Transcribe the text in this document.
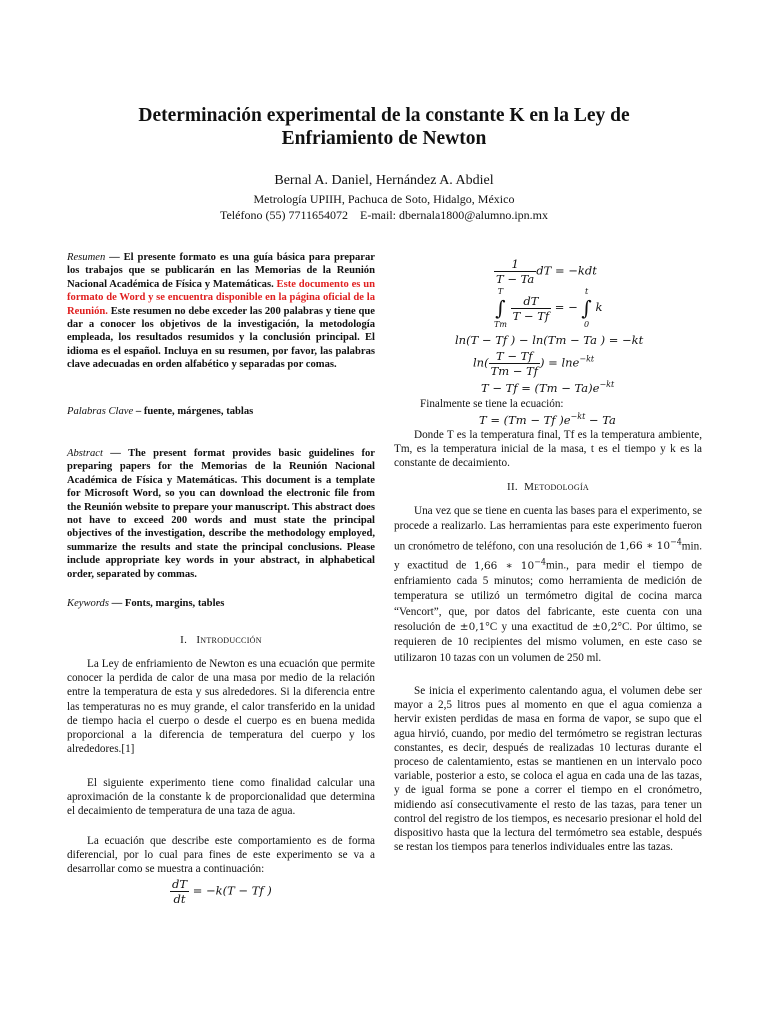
Determinación experimental de la constante K en la Ley de Enfriamiento de Newton
Bernal A. Daniel, Hernández A. Abdiel
Metrología UPIIH, Pachuca de Soto, Hidalgo, México
Teléfono (55) 7711654072    E-mail: dbernala1800@alumno.ipn.mx
Resumen — El presente formato es una guía básica para preparar los trabajos que se publicarán en las Memorias de la Reunión Nacional Académica de Física y Matemáticas. Este documento es un formato de Word y se encuentra disponible en la página oficial de la Reunión. Este resumen no debe exceder las 200 palabras y tiene que dar a conocer los objetivos de la investigación, la metodología empleada, los resultados resumidos y la conclusión principal. El idioma es el español. Incluya en su resumen, por favor, las palabras clave adecuadas en orden alfabético y separadas por comas.
Palabras Clave – fuente, márgenes, tablas
Abstract — The present format provides basic guidelines for preparing papers for the Memorias de la Reunión Nacional Académica de Física y Matemáticas. This document is a template for Microsoft Word, so you can download the electronic file from the Reunión website to prepare your manuscript. This abstract does not have to exceed 200 words and must state the principal objectives of the investigation, describe the methodology employed, summarize the results and state the principal conclusions. Please include appropriate key words in your abstract, in alphabetical order, separated by commas.
Keywords — Fonts, margins, tables
I. Introducción

La Ley de enfriamiento de Newton es una ecuación que permite conocer la perdida de calor de una masa por medio de la relación entre la temperatura de esta y sus alrededores. Si la diferencia entre las temperaturas no es muy grande, el calor transferido en la unidad de tiempo hacia el cuerpo o desde el cuerpo es en buena medida proporcional a la diferencia de temperatura del cuerpo y los alrededores.[1]

El siguiente experimento tiene como finalidad calcular una aproximación de la constante k de proporcionalidad que determina el decaimiento de temperatura de una taza de agua.

La ecuación que describe este comportamiento es de forma diferencial, por lo cual para fines de este experimento se va a desarrollar como se muestra a continuación:

$\frac{dT}{dt} = -k(T - Tf$ )
$\frac{1}{T - Ta}$ dT = −kdt
T
∫
Tm

$\frac{dT}{T - Tf}$ = −
t
∫
0
k
ln(T − Tf ) − ln(Tm − Ta ) = −kt
$\ln( \frac{T - Tf}{Tm - Tf}$ ) = lne$^{-kt}$
$T - Tf = (Tm - Ta)e^{-kt}$
Finalmente se tiene la ecuación:
T = (Tm − Tf )$e^{-kt} - Ta$

Donde T es la temperatura final, Tf es la temperatura ambiente, Tm, es la temperatura inicial de la masa, t es el tiempo y k es la constante de decaimiento.

II. Metodología

Una vez que se tiene en cuenta las bases para el experimento, se procede a realizarlo. Las herramientas para este experimento fueron un cronómetro de teléfono, con una resolución de 1,66 ∗ $10^{-4}\min$. y exactitud de 1,66 ∗ $10^{-4}\min$., para medir el tiempo de enfriamiento cada 5 minutos; como herramienta de medición de temperatura se utilizó un termómetro digital de cocina marca “Vencort”, que, por datos del fabricante, este cuenta con una resolución de ±0,1°C y una exactitud de ±0,2°C. Por último, se requieren de 10 recipientes del mismo volumen, en este caso se utilizaron 10 tazas con un volumen de 250 ml.

Se inicia el experimento calentando agua, el volumen debe ser mayor a 2,5 litros pues al momento en que el agua comienza a hervir existen perdidas de masa en forma de vapor, se supo que el agua hirvió, cuando, por medio del termómetro se registran lecturas constantes, es decir, después de realizadas 10 lecturas durante el proceso de calentamiento, estas se mantienen en un intervalo poco variable, posterior a esto, se coloca el agua en cada una de las tazas, y de igual forma se pone a correr el tiempo en el cronómetro, midiendo así consecutivamente el resto de las tazas, para tener un control del registro de los tiempos, es necesario presionar el hold del dispositivo hasta que la lectura del termómetro sea estable, después se restan los tiempos para tenerlos individuales entre las tazas.
